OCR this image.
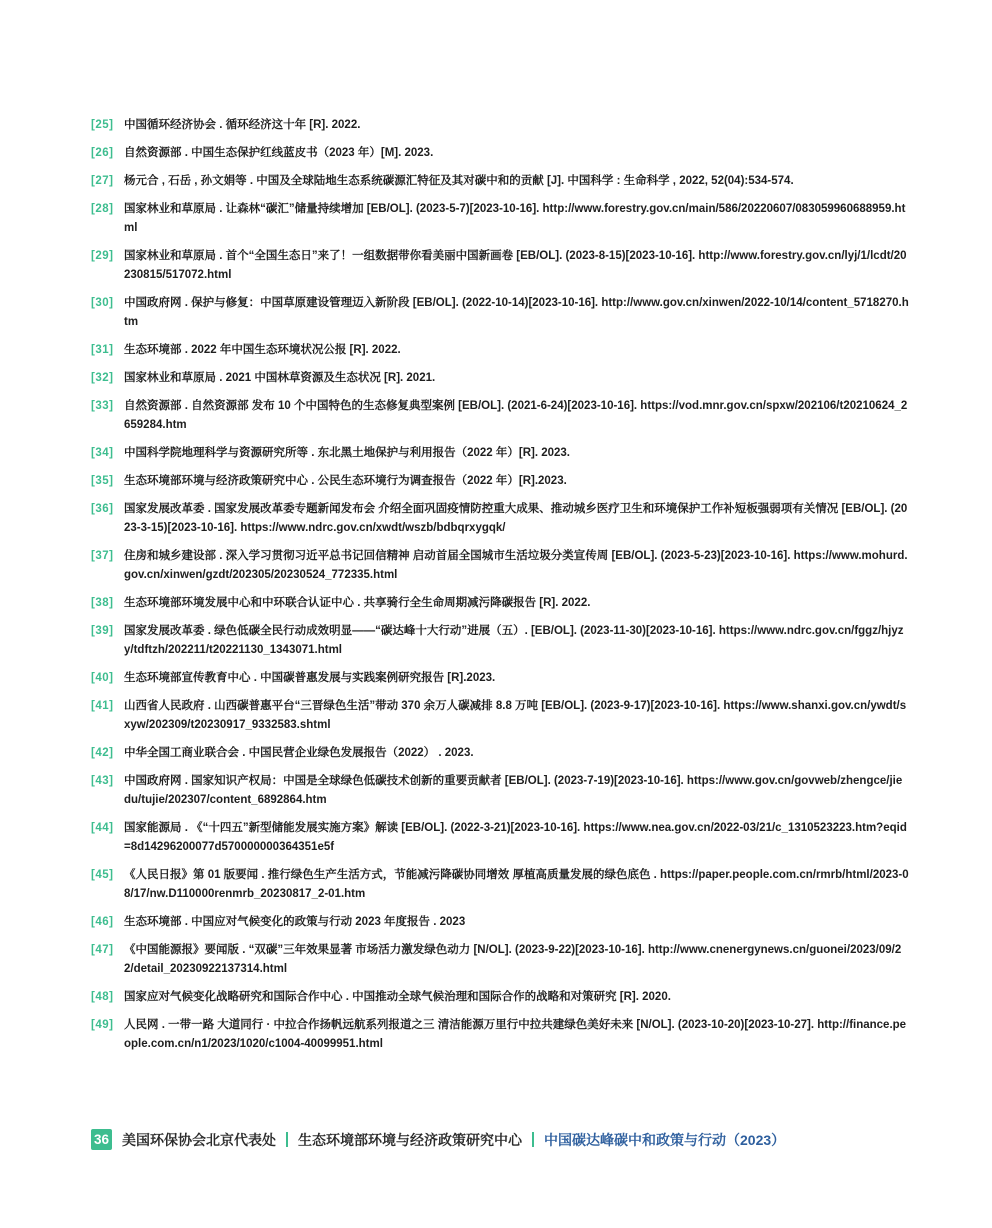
[25] 中国循环经济协会 . 循环经济这十年 [R]. 2022.
[26] 自然资源部 . 中国生态保护红线蓝皮书（2023 年）[M]. 2023.
[27] 杨元合 , 石岳 , 孙文娟等 . 中国及全球陆地生态系统碳源汇特征及其对碳中和的贡献 [J]. 中国科学 : 生命科学 , 2022, 52(04):534-574.
[28] 国家林业和草原局 . 让森林“碳汇”储量持续增加 [EB/OL]. (2023-5-7)[2023-10-16]. http://www.forestry.gov.cn/main/586/20220607/083059960688959.html
[29] 国家林业和草原局 . 首个“全国生态日”来了！一组数据带你看美丽中国新画卷 [EB/OL]. (2023-8-15)[2023-10-16]. http://www.forestry.gov.cn/lyj/1/lcdt/20230815/517072.html
[30] 中国政府网 . 保护与修复：中国草原建设管理迈入新阶段 [EB/OL]. (2022-10-14)[2023-10-16]. http://www.gov.cn/xinwen/2022-10/14/content_5718270.htm
[31] 生态环境部 . 2022 年中国生态环境状况公报 [R]. 2022.
[32] 国家林业和草原局 . 2021 中国林草资源及生态状况 [R]. 2021.
[33] 自然资源部 . 自然资源部 发布 10 个中国特色的生态修复典型案例 [EB/OL]. (2021-6-24)[2023-10-16]. https://vod.mnr.gov.cn/spxw/202106/t20210624_2659284.htm
[34] 中国科学院地理科学与资源研究所等 . 东北黑土地保护与利用报告（2022 年）[R]. 2023.
[35] 生态环境部环境与经济政策研究中心 . 公民生态环境行为调查报告（2022 年）[R].2023.
[36] 国家发展改革委 . 国家发展改革委专题新闻发布会 介绍全面巩固疫情防控重大成果、推动城乡医疗卫生和环境保护工作补短板强弱项有关情况 [EB/OL]. (2023-3-15)[2023-10-16]. https://www.ndrc.gov.cn/xwdt/wszb/bdbqrxygqk/
[37] 住房和城乡建设部 . 深入学习贯彻习近平总书记回信精神 启动首届全国城市生活垃圾分类宣传周 [EB/OL]. (2023-5-23)[2023-10-16]. https://www.mohurd.gov.cn/xinwen/gzdt/202305/20230524_772335.html
[38] 生态环境部环境发展中心和中环联合认证中心 . 共享骑行全生命周期减污降碳报告 [R]. 2022.
[39] 国家发展改革委 . 绿色低碳全民行动成效明显——“碳达峰十大行动”进展（五）. [EB/OL]. (2023-11-30)[2023-10-16]. https://www.ndrc.gov.cn/fggz/hjyzy/tdftzh/202211/t20221130_1343071.html
[40] 生态环境部宣传教育中心 . 中国碳普惠发展与实践案例研究报告 [R].2023.
[41] 山西省人民政府 . 山西碳普惠平台“三晋绿色生活”带动 370 余万人碳减排 8.8 万吨 [EB/OL]. (2023-9-17)[2023-10-16]. https://www.shanxi.gov.cn/ywdt/sxyw/202309/t20230917_9332583.shtml
[42] 中华全国工商业联合会 . 中国民营企业绿色发展报告（2022） . 2023.
[43] 中国政府网 . 国家知识产权局：中国是全球绿色低碳技术创新的重要贡献者 [EB/OL]. (2023-7-19)[2023-10-16]. https://www.gov.cn/govweb/zhengce/jiedu/tujie/202307/content_6892864.htm
[44] 国家能源局 . 《“十四五”新型储能发展实施方案》解读 [EB/OL]. (2022-3-21)[2023-10-16]. https://www.nea.gov.cn/2022-03/21/c_1310523223.htm?eqid=8d14296200077d570000000364351e5f
[45] 《人民日报》第 01 版要闻 . 推行绿色生产生活方式，节能减污降碳协同增效 厚植高质量发展的绿色底色 . https://paper.people.com.cn/rmrb/html/2023-08/17/nw.D110000renmrb_20230817_2-01.htm
[46] 生态环境部 . 中国应对气候变化的政策与行动 2023 年度报告 . 2023
[47] 《中国能源报》要闻版 . “双碳”三年效果显著 市场活力激发绿色动力 [N/OL]. (2023-9-22)[2023-10-16]. http://www.cnenergynews.cn/guonei/2023/09/22/detail_20230922137314.html
[48] 国家应对气候变化战略研究和国际合作中心 . 中国推动全球气候治理和国际合作的战略和对策研究 [R]. 2020.
[49] 人民网 . 一带一路 大道同行 · 中拉合作扬帆远航系列报道之三 清洁能源万里行中拉共建绿色美好未来 [N/OL]. (2023-10-20)[2023-10-27]. http://finance.people.com.cn/n1/2023/1020/c1004-40099951.html
36 美国环保协会北京代表处 生态环境部环境与经济政策研究中心 中国碳达峰碳中和政策与行动（2023）
